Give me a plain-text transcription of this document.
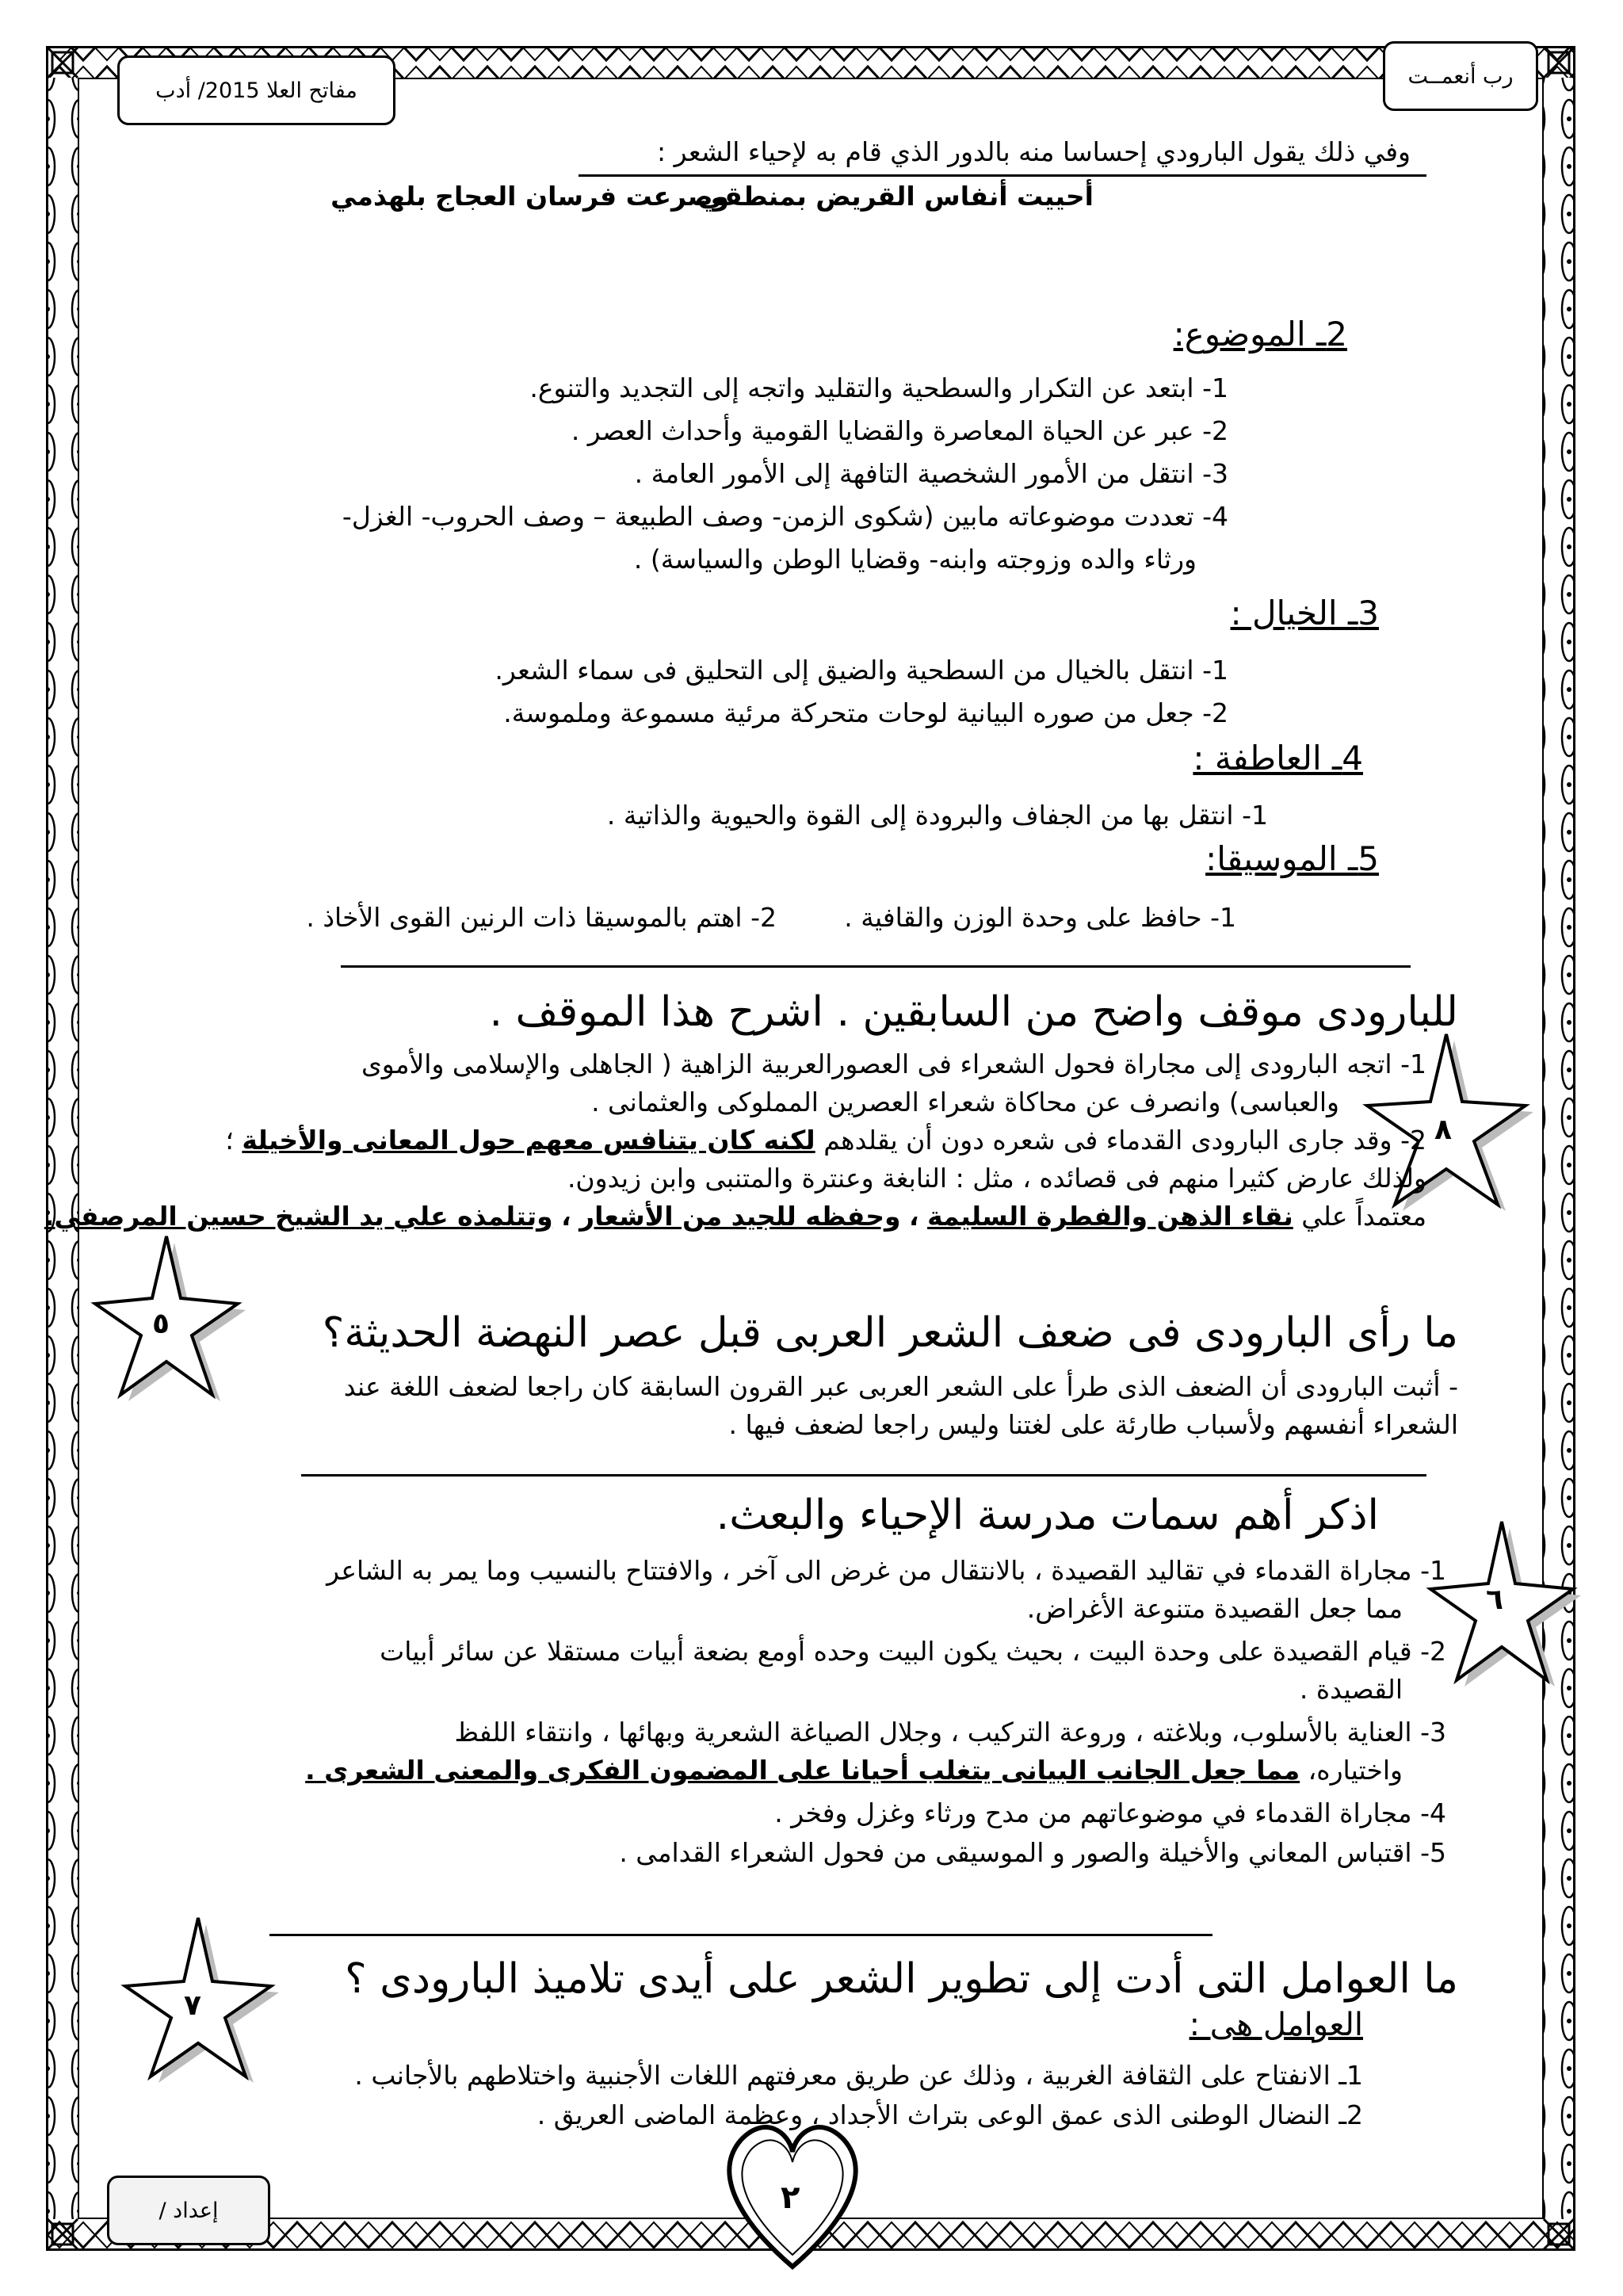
رب أنعمــت
مفاتح العلا 2015/ أدب
وفي ذلك يقول البارودي إحساسا منه بالدور الذي قام به لإحياء الشعر :
أحييت أنفاس القريض بمنطقي
وصرعت فرسان العجاج بلهذمي
2ـ الموضوع:
1- ابتعد عن التكرار والسطحية والتقليد واتجه إلى التجديد والتنوع.
2- عبر عن الحياة المعاصرة والقضايا القومية وأحداث العصر .
3- انتقل من الأمور الشخصية التافهة إلى الأمور العامة .
4- تعددت موضوعاته مابين (شكوى الزمن- وصف الطبيعة – وصف الحروب- الغزل-
ورثاء والده وزوجته وابنه- وقضايا الوطن والسياسة) .
3ـ الخيال :
1- انتقل بالخيال من السطحية والضيق إلى التحليق فى سماء الشعر.
2- جعل من صوره البيانية لوحات متحركة مرئية مسموعة وملموسة.
4ـ العاطفة :
1- انتقل بها من الجفاف والبرودة إلى القوة والحيوية والذاتية .
5ـ الموسيقا:
1- حافظ على وحدة الوزن والقافية .
2- اهتم بالموسيقا ذات الرنين القوى الأخاذ .
٨
للبارودى موقف واضح من السابقين . اشرح هذا الموقف .
1- اتجه البارودى إلى مجاراة فحول الشعراء فى العصورالعربية الزاهية ( الجاهلى والإسلامى والأموى
والعباسى) وانصرف عن محاكاة شعراء العصرين المملوكى والعثمانى .
2- وقد جارى البارودى القدماء فى شعره دون أن يقلدهم لكنه كان يتنافس معهم حول المعانى والأخيلة ؛
ولذلك عارض كثيرا منهم فى قصائده ، مثل : النابغة وعنترة والمتنبى وابن زيدون.
معتمداً علي نقاء الذهن والفطرة السليمة ، وحفظه للجيد من الأشعار ، وتتلمذه علي يد الشيخ حسين المرصفي.
٥	ما رأى البارودى فى ضعف الشعر العربى قبل عصر النهضة الحديثة؟
- أثبت البارودى أن الضعف الذى طرأ على الشعر العربى عبر القرون السابقة كان راجعا لضعف اللغة عند
الشعراء أنفسهم ولأسباب طارئة على لغتنا وليس راجعا لضعف فيها .
٦
اذكر أهم سمات مدرسة الإحياء والبعث.
1- مجاراة القدماء في تقاليد القصيدة ، بالانتقال من غرض الى آخر ، والافتتاح بالنسيب وما يمر به الشاعر
مما جعل القصيدة متنوعة الأغراض.
2- قيام القصيدة على وحدة البيت ، بحيث يكون البيت وحده أومع بضعة أبيات مستقلا عن سائر أبيات
القصيدة .
3- العناية بالأسلوب، وبلاغته ، وروعة التركيب ، وجلال الصياغة الشعرية وبهائها ، وانتقاء اللفظ
واختياره، مما جعل الجانب البيانى يتغلب أحيانا على المضمون الفكرى والمعنى الشعرى .
4- مجاراة القدماء في موضوعاتهم من مدح ورثاء وغزل وفخر .
5- اقتباس المعاني والأخيلة والصور و الموسيقى من فحول الشعراء القدامى .
٧
ما العوامل التى أدت إلى تطوير الشعر على أيدى تلاميذ البارودى ؟
العوامل هى :
1ـ الانفتاح على الثقافة الغربية ، وذلك عن طريق معرفتهم اللغات الأجنبية واختلاطهم بالأجانب .
2ـ النضال الوطنى الذى عمق الوعى بتراث الأجداد ، وعظمة الماضى العريق .
إعداد /	٢
